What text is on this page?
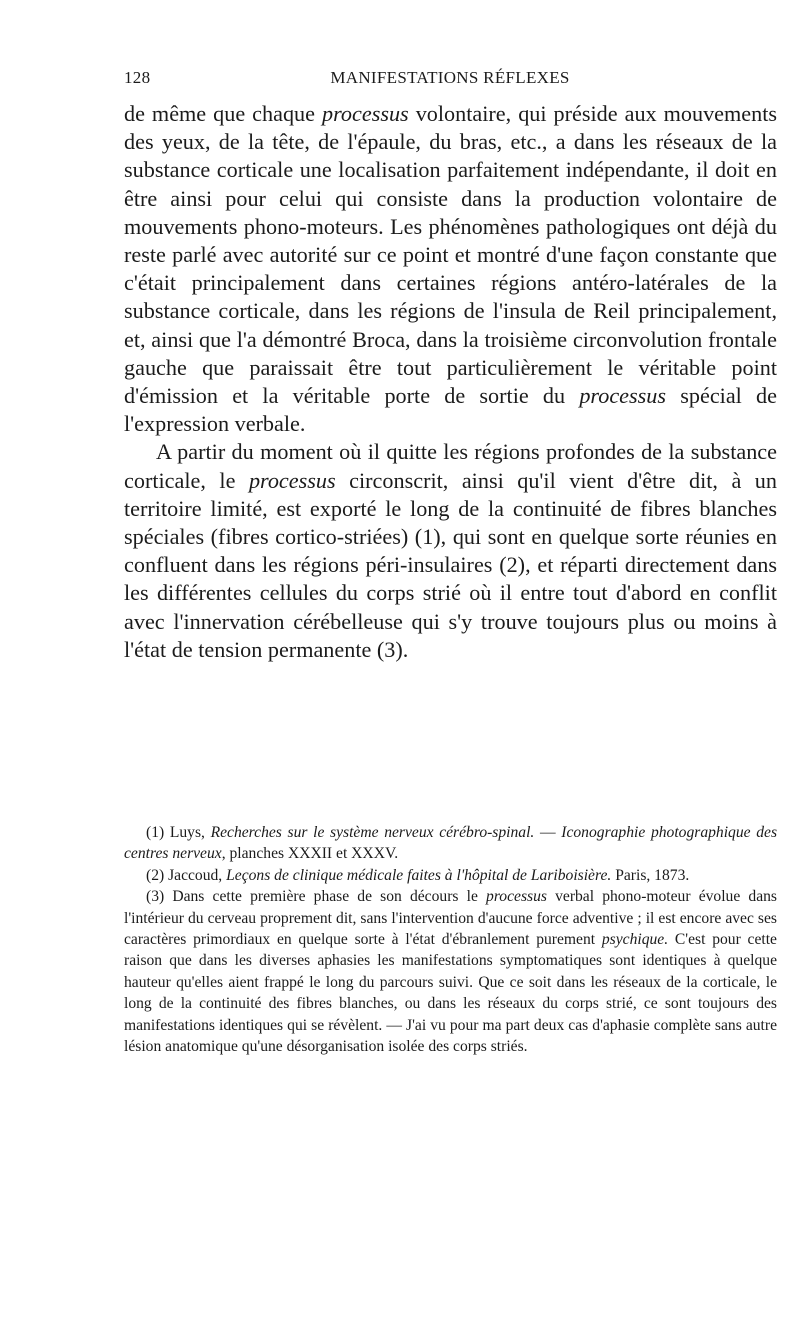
128	MANIFESTATIONS RÉFLEXES

de même que chaque processus volontaire, qui préside aux mouvements des yeux, de la tête, de l'épaule, du bras, etc., a dans les réseaux de la substance corticale une localisation parfaitement indépendante, il doit en être ainsi pour celui qui consiste dans la production volontaire de mouvements phono-moteurs. Les phénomènes pathologiques ont déjà du reste parlé avec autorité sur ce point et montré d'une façon constante que c'était principalement dans certaines régions antéro-latérales de la substance corticale, dans les régions de l'insula de Reil principalement, et, ainsi que l'a démontré Broca, dans la troisième circonvolution frontale gauche que paraissait être tout particulièrement le véritable point d'émission et la véritable porte de sortie du processus spécial de l'expression verbale.

A partir du moment où il quitte les régions profondes de la substance corticale, le processus circonscrit, ainsi qu'il vient d'être dit, à un territoire limité, est exporté le long de la continuité de fibres blanches spéciales (fibres cortico-striées) (1), qui sont en quelque sorte réunies en confluent dans les régions péri-insulaires (2), et réparti directement dans les différentes cellules du corps strié où il entre tout d'abord en conflit avec l'innervation cérébelleuse qui s'y trouve toujours plus ou moins à l'état de tension permanente (3).

(1) Luys, Recherches sur le système nerveux cérébro-spinal. — Iconographie photographique des centres nerveux, planches XXXII et XXXV.

(2) Jaccoud, Leçons de clinique médicale faites à l'hôpital de Lariboisière. Paris, 1873.

(3) Dans cette première phase de son décours le processus verbal phono-moteur évolue dans l'intérieur du cerveau proprement dit, sans l'intervention d'aucune force adventive ; il est encore avec ses caractères primordiaux en quelque sorte à l'état d'ébranlement purement psychique. C'est pour cette raison que dans les diverses aphasies les manifestations symptomatiques sont identiques à quelque hauteur qu'elles aient frappé le long du parcours suivi. Que ce soit dans les réseaux de la corticale, le long de la continuité des fibres blanches, ou dans les réseaux du corps strié, ce sont toujours des manifestations identiques qui se révèlent. — J'ai vu pour ma part deux cas d'aphasie complète sans autre lésion anatomique qu'une désorganisation isolée des corps striés.
